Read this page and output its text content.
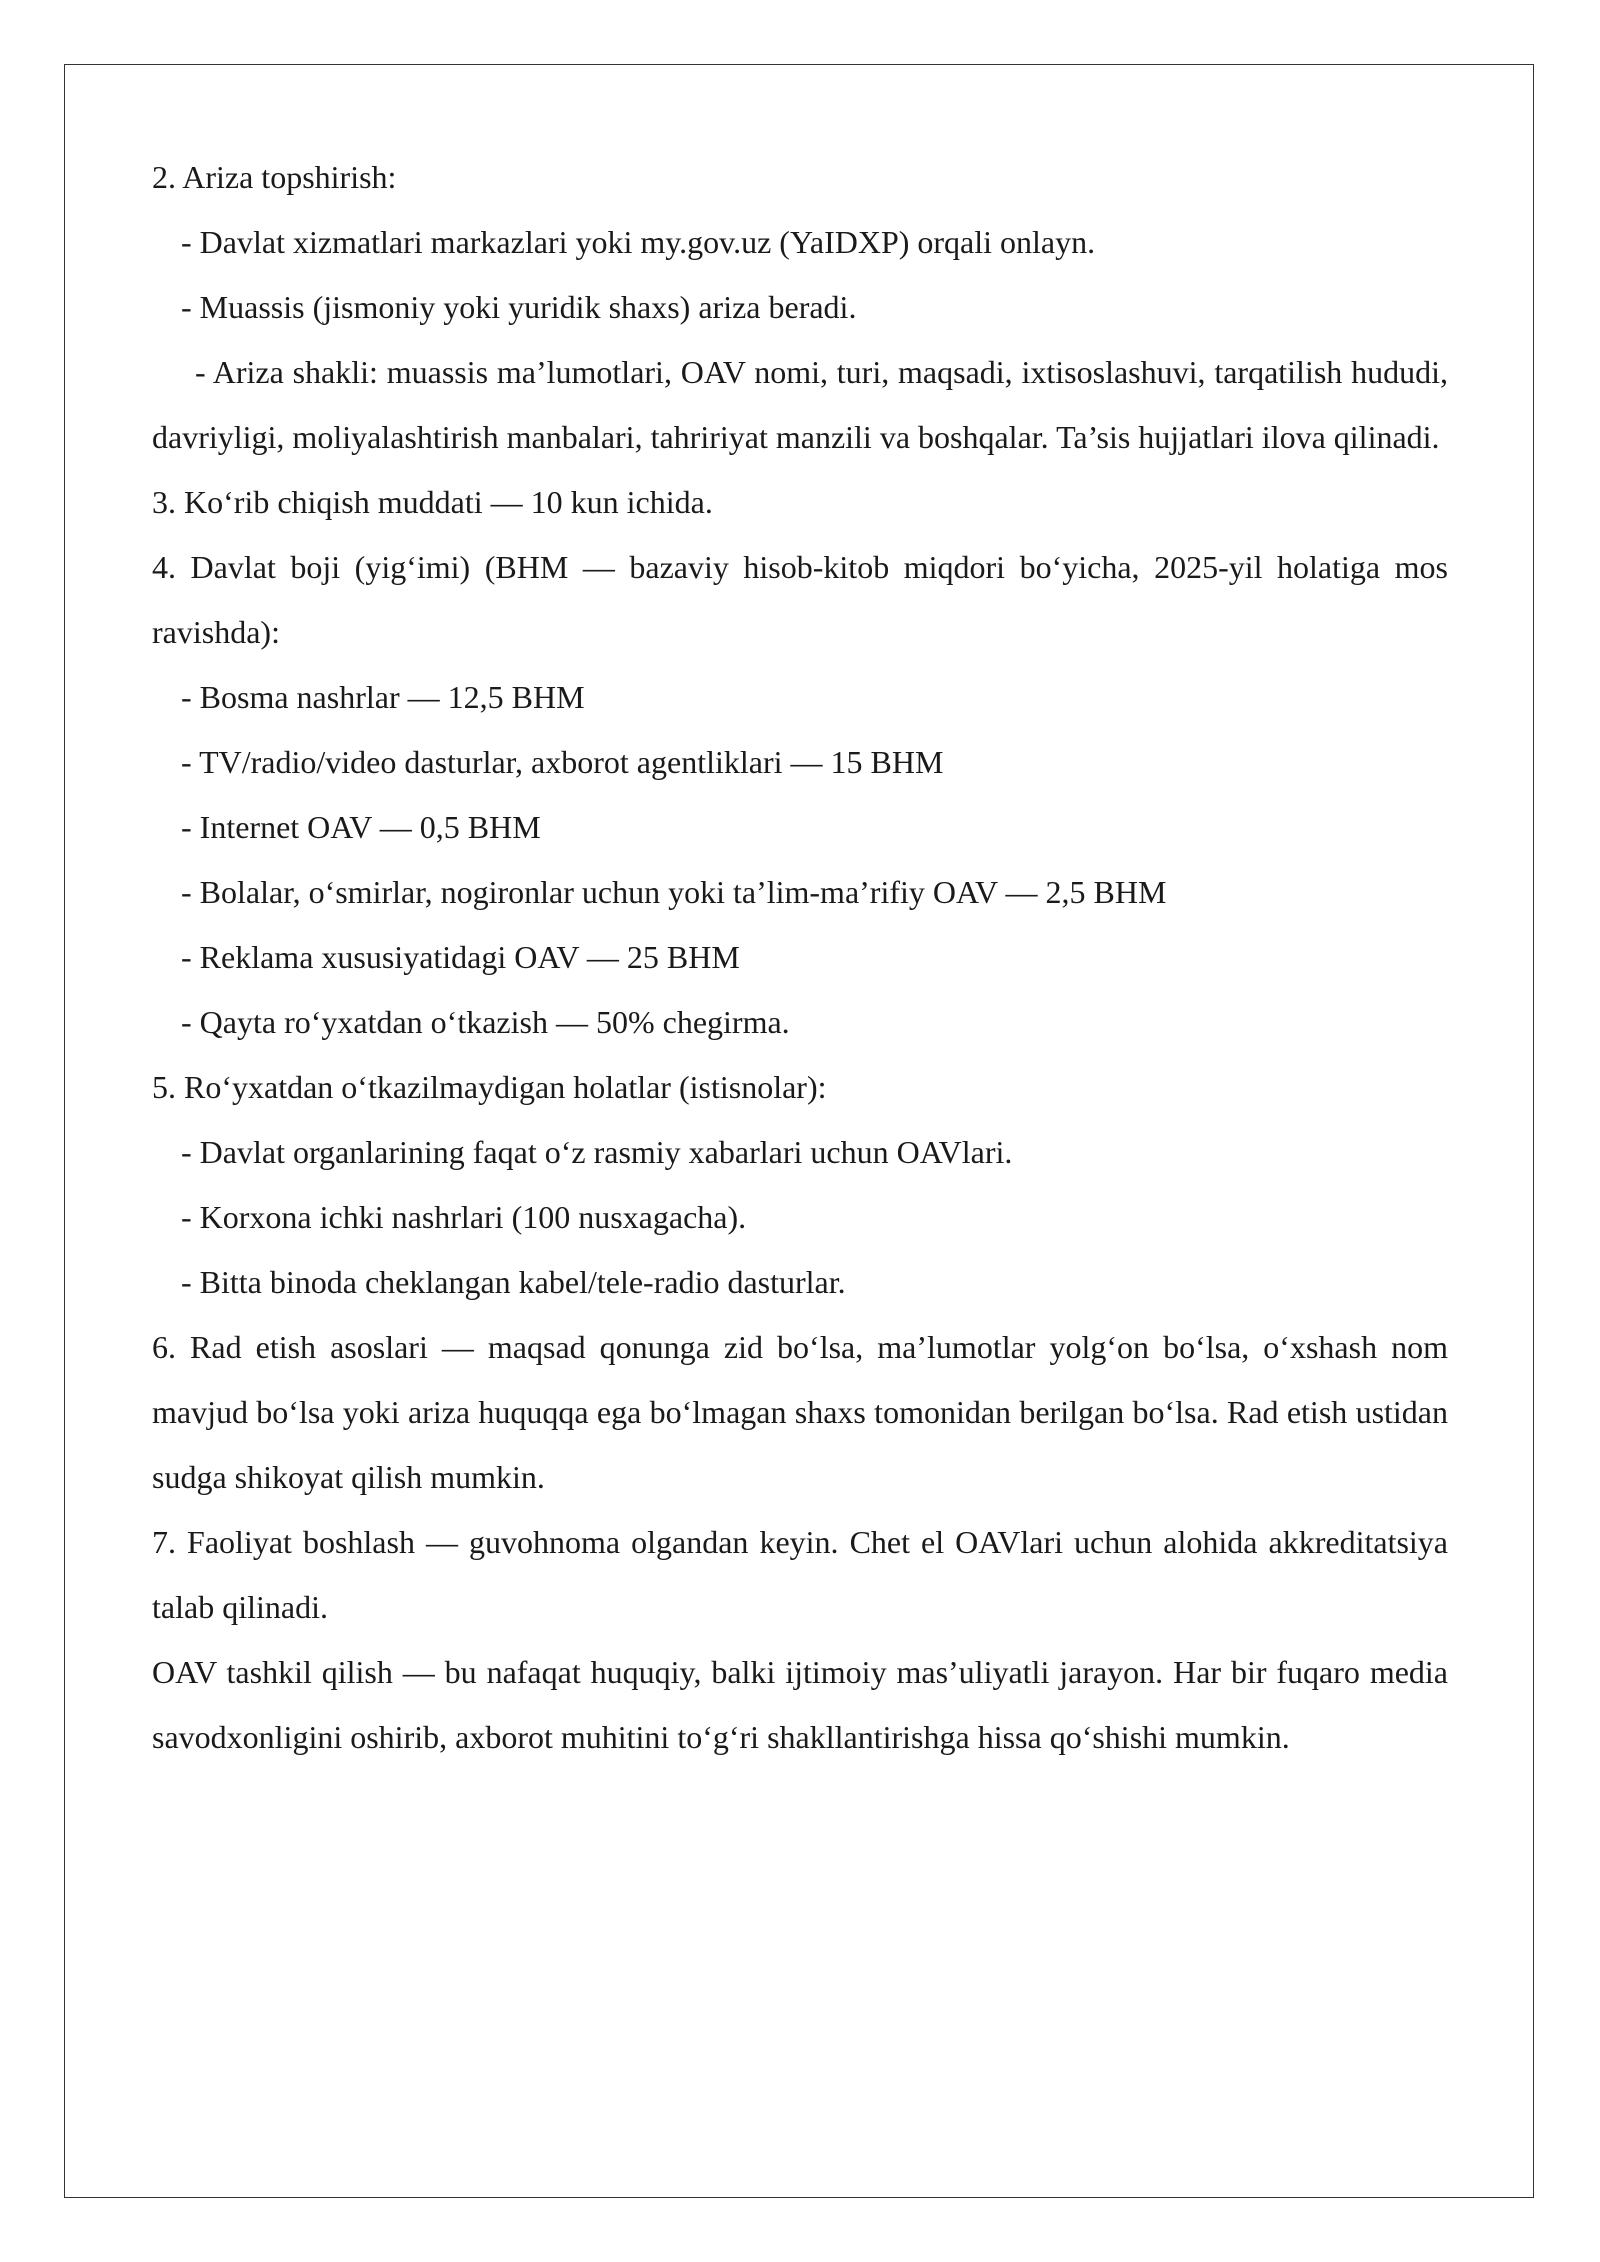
2. Ariza topshirish:

- Davlat xizmatlari markazlari yoki my.gov.uz (YaIDXP) orqali onlayn.

- Muassis (jismoniy yoki yuridik shaxs) ariza beradi.

- Ariza shakli: muassis ma’lumotlari, OAV nomi, turi, maqsadi, ixtisoslashuvi, tarqatilish hududi, davriyligi, moliyalashtirish manbalari, tahririyat manzili va boshqalar. Ta’sis hujjatlari ilova qilinadi.

3. Ko‘rib chiqish muddati — 10 kun ichida.

4. Davlat boji (yig‘imi) (BHM — bazaviy hisob-kitob miqdori bo‘yicha, 2025-yil holatiga mos ravishda):

- Bosma nashrlar — 12,5 BHM

- TV/radio/video dasturlar, axborot agentliklari — 15 BHM

- Internet OAV — 0,5 BHM

- Bolalar, o‘smirlar, nogironlar uchun yoki ta’lim-ma’rifiy OAV — 2,5 BHM

- Reklama xususiyatidagi OAV — 25 BHM

- Qayta ro‘yxatdan o‘tkazish — 50% chegirma.

5. Ro‘yxatdan o‘tkazilmaydigan holatlar (istisnolar):

- Davlat organlarining faqat o‘z rasmiy xabarlari uchun OAVlari.

- Korxona ichki nashrlari (100 nusxagacha).

- Bitta binoda cheklangan kabel/tele-radio dasturlar.

6. Rad etish asoslari — maqsad qonunga zid bo‘lsa, ma’lumotlar yolg‘on bo‘lsa, o‘xshash nom mavjud bo‘lsa yoki ariza huquqqa ega bo‘lmagan shaxs tomonidan berilgan bo‘lsa. Rad etish ustidan sudga shikoyat qilish mumkin.

7. Faoliyat boshlash — guvohnoma olgandan keyin. Chet el OAVlari uchun alohida akkreditatsiya talab qilinadi.

OAV tashkil qilish — bu nafaqat huquqiy, balki ijtimoiy mas’uliyatli jarayon. Har bir fuqaro media savodxonligini oshirib, axborot muhitini to‘g‘ri shakllantirishga hissa qo‘shishi mumkin.
